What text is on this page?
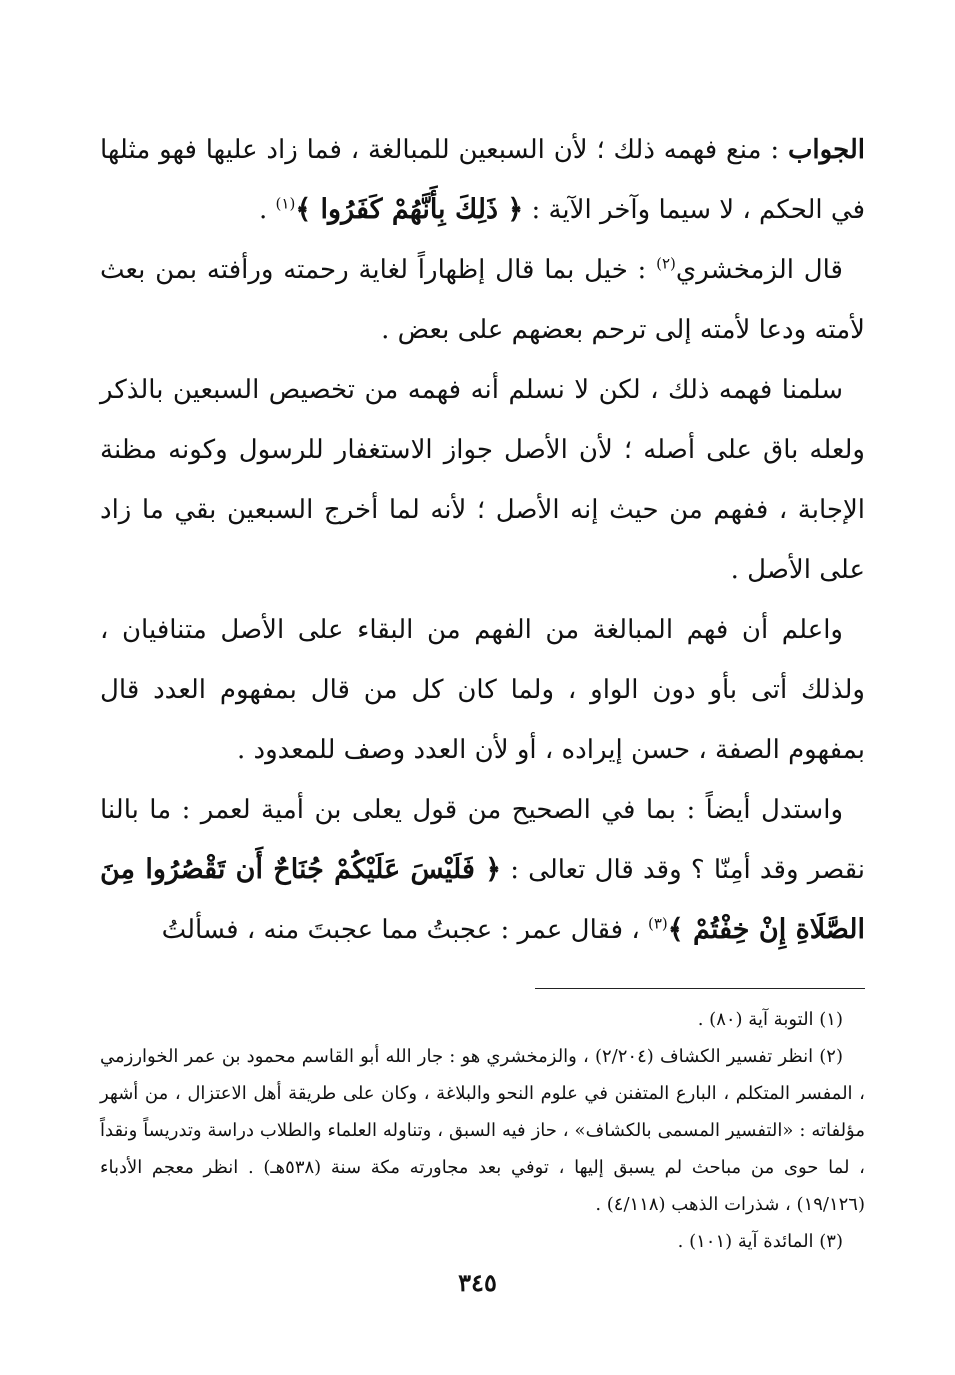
الجواب : منع فهمه ذلك ؛ لأن السبعين للمبالغة ، فما زاد عليها فهو مثلها في الحكم ، لا سيما وآخر الآية : ﴿ ذَلِكَ بِأَنَّهُمْ كَفَرُوا ﴾$^{(١)}$ .

قال الزمخشري$^{(٢)}$ : خيل بما قال إظهاراً لغاية رحمته ورأفته بمن بعث لأمته ودعا لأمته إلى ترحم بعضهم على بعض .

سلمنا فهمه ذلك ، لكن لا نسلم أنه فهمه من تخصيص السبعين بالذكر ولعله باق على أصله ؛ لأن الأصل جواز الاستغفار للرسول وكونه مظنة الإجابة ، ففهم من حيث إنه الأصل ؛ لأنه لما أخرج السبعين بقي ما زاد على الأصل .

واعلم أن فهم المبالغة من الفهم من البقاء على الأصل متنافيان ، ولذلك أتى بأو دون الواو ، ولما كان كل من قال بمفهوم العدد قال بمفهوم الصفة ، حسن إيراده ، أو لأن العدد وصف للمعدود .

واستدل أيضاً : بما في الصحيح من قول يعلى بن أمية لعمر : ما بالنا نقصر وقد أمِنّا ؟ وقد قال تعالى : ﴿ فَلَيْسَ عَلَيْكُمْ جُنَاحٌ أَن تَقْصُرُوا مِنَ الصَّلَاةِ إِنْ خِفْتُمْ ﴾$^{(٣)}$ ، فقال عمر : عجبتُ مما عجبتَ منه ، فسألتُ

(١) التوبة آية (٨٠) .

(٢) انظر تفسير الكشاف (٢/٢٠٤) ، والزمخشري هو : جار الله أبو القاسم محمود بن عمر الخوارزمي ، المفسر المتكلم ، البارع المتفنن في علوم النحو والبلاغة ، وكان على طريقة أهل الاعتزال ، من أشهر مؤلفاته : «التفسير المسمى بالكشاف» ، حاز فيه السبق ، وتناوله العلماء والطلاب دراسة وتدريساً ونقداً ، لما حوى من مباحث لم يسبق إليها ، توفي بعد مجاورته مكة سنة (٥٣٨هـ) . انظر معجم الأدباء (١٩/١٢٦) ، شذرات الذهب (٤/١١٨) .

(٣) المائدة آية (١٠١) .

٣٤٥
